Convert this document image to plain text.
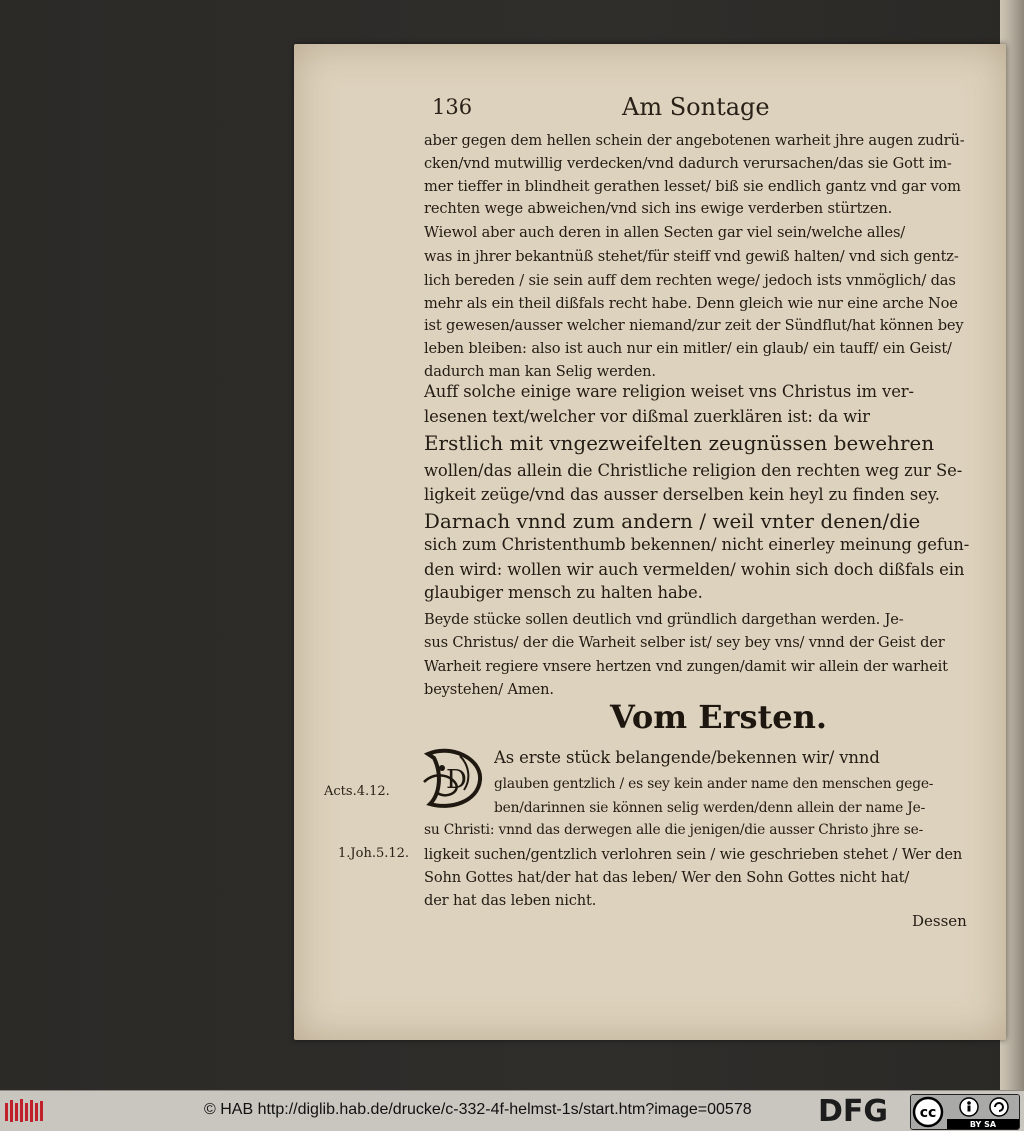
136	Am Sontage
aber gegen dem hellen schein der angebotenen warheit jhre augen zudrü-
cken/vnd mutwillig verdecken/vnd dadurch verursachen/das sie Gott im-
mer tieffer in blindheit gerathen lesset/ biß sie endlich gantz vnd gar vom
rechten wege abweichen/vnd sich ins ewige verderben stürtzen.
Wiewol aber auch deren in allen Secten gar viel sein/welche alles/
was in jhrer bekantnüß stehet/für steiff vnd gewiß halten/ vnd sich gentz-
lich bereden / sie sein auff dem rechten wege/ jedoch ists vnmöglich/ das
mehr als ein theil dißfals recht habe. Denn gleich wie nur eine arche Noe
ist gewesen/ausser welcher niemand/zur zeit der Sündflut/hat können bey
leben bleiben: also ist auch nur ein mitler/ ein glaub/ ein tauff/ ein Geist/
dadurch man kan Selig werden.
Auff solche einige ware religion weiset vns Christus im ver-
lesenen text/welcher vor dißmal zuerklären ist: da wir
Erstlich mit vngezweifelten zeugnüssen bewehren
wollen/das allein die Christliche religion den rechten weg zur Se-
ligkeit zeüge/vnd das ausser derselben kein heyl zu finden sey.
Darnach vnnd zum andern / weil vnter denen/die
sich zum Christenthumb bekennen/ nicht einerley meinung gefun-
den wird: wollen wir auch vermelden/ wohin sich doch dißfals ein
glaubiger mensch zu halten habe.
Beyde stücke sollen deutlich vnd gründlich dargethan werden. Je-
sus Christus/ der die Warheit selber ist/ sey bey vns/ vnnd der Geist der
Warheit regiere vnsere hertzen vnd zungen/damit wir allein der warheit
beystehen/ Amen.
Vom Ersten.
D
As erste stück belangende/bekennen wir/ vnnd
glauben gentzlich / es sey kein ander name den menschen gege-
ben/darinnen sie können selig werden/denn allein der name Je-
su Christi: vnnd das derwegen alle die jenigen/die ausser Christo jhre se-
ligkeit suchen/gentzlich verlohren sein / wie geschrieben stehet / Wer den
Sohn Gottes hat/der hat das leben/ Wer den Sohn Gottes nicht hat/
der hat das leben nicht.
Acts.4.12.
1.Joh.5.12.
Dessen
© HAB http://diglib.hab.de/drucke/c-332-4f-helmst-1s/start.htm?image=00578 DFG cc
BY SA
